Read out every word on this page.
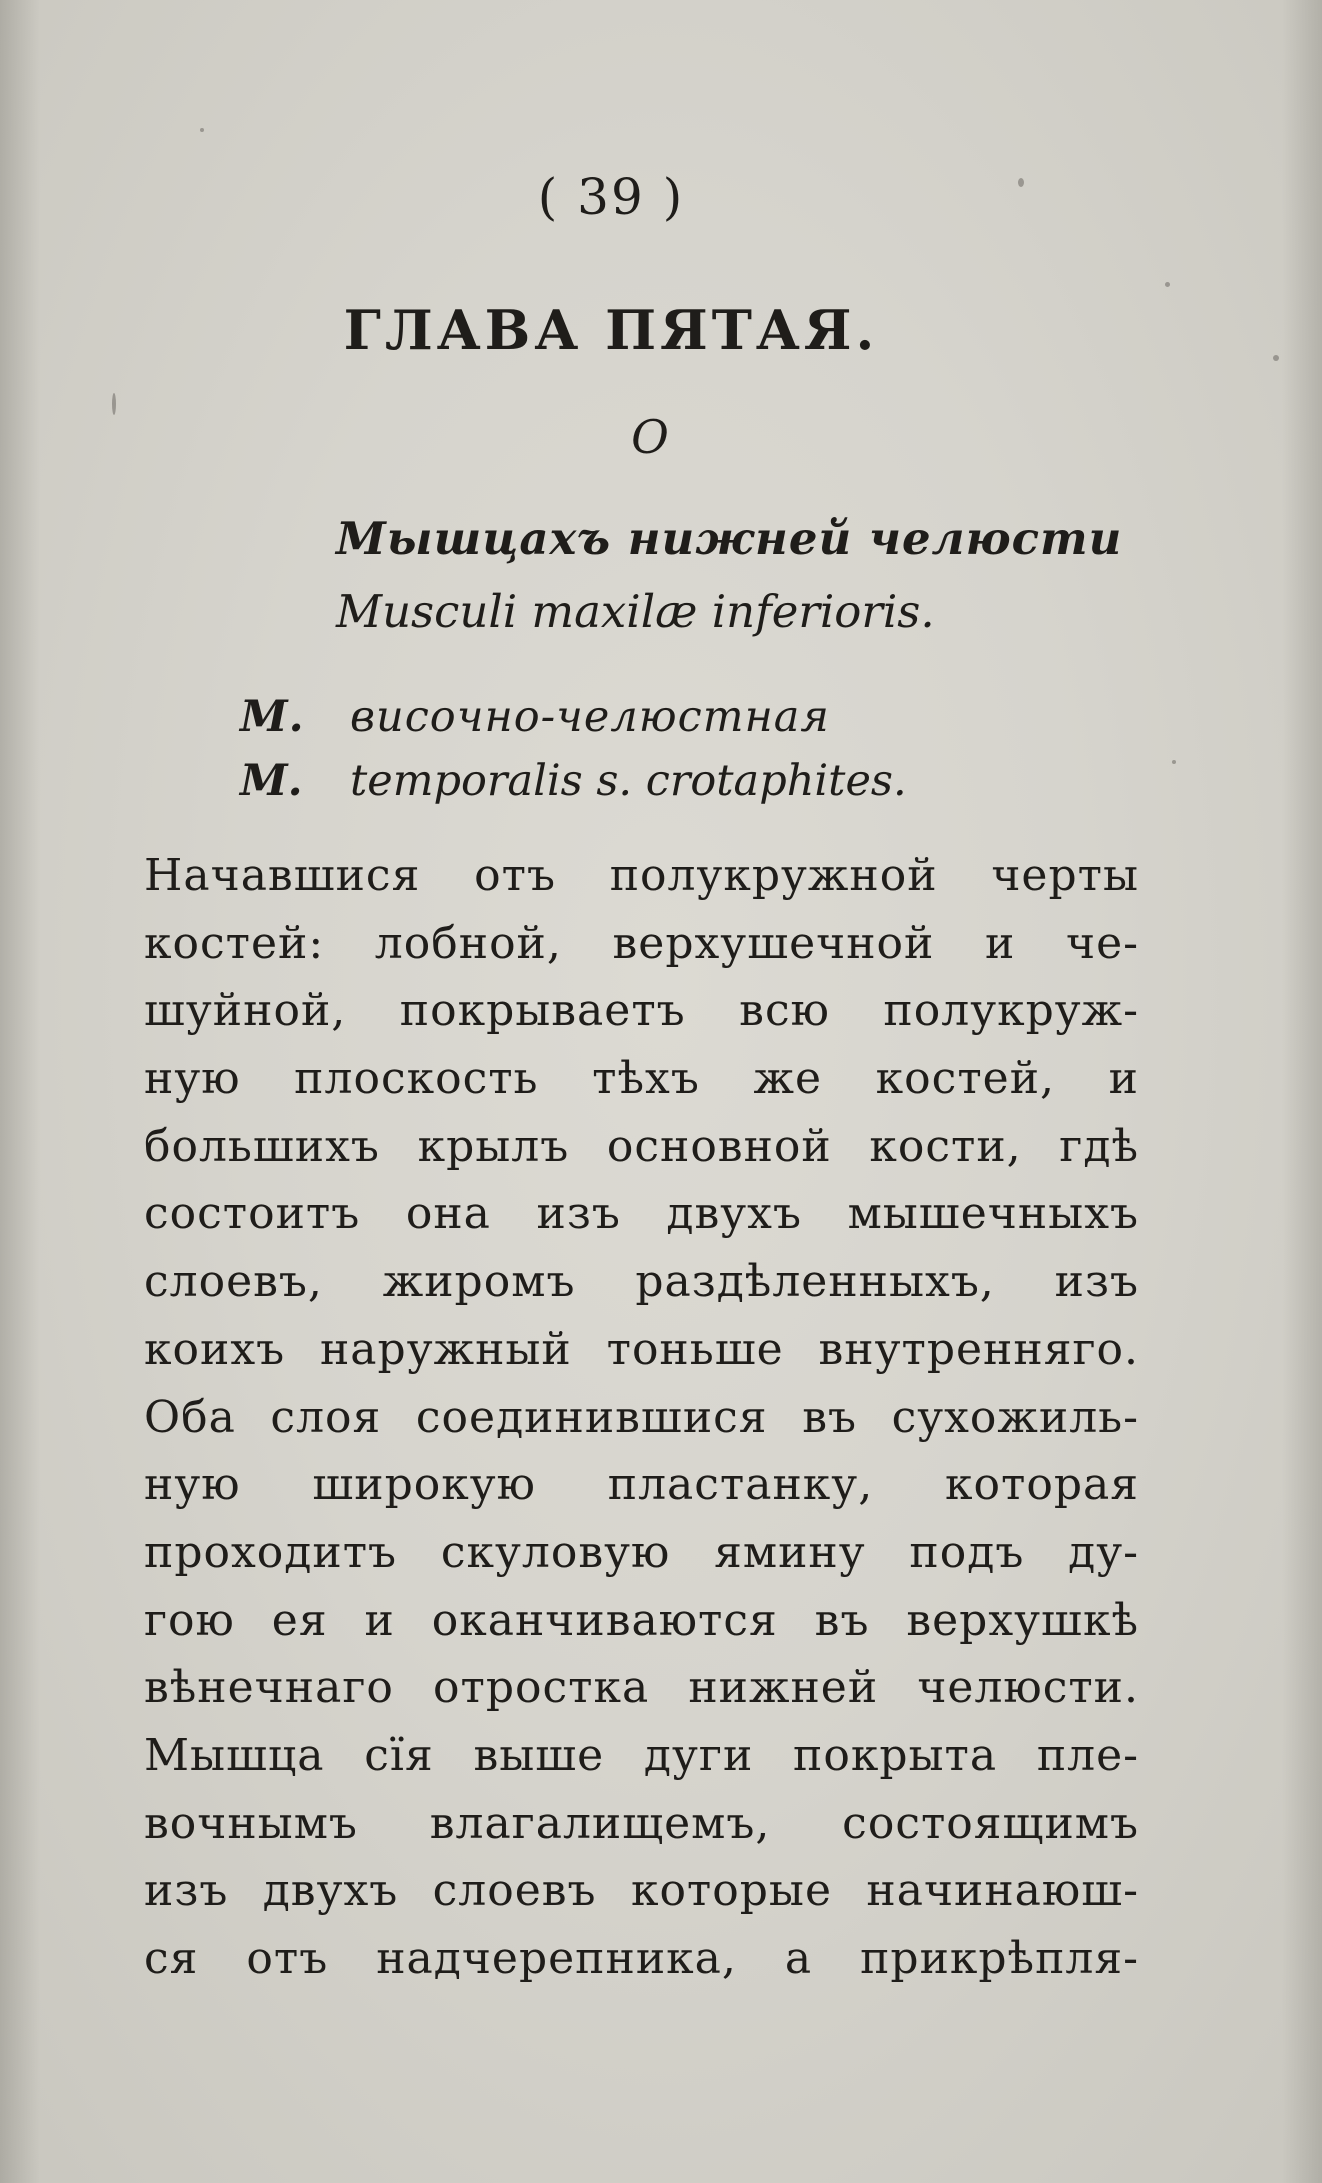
( 39 )
ГЛАВА ПЯТАЯ.
О
Мышцахъ нижней челюсти
Musculi maxilæ inferioris.
М. височно-челюстная
M. temporalis s. crotaphites.
Начавшися отъ полукружной черты
костей: лобной, верхушечной и че-
шуйной, покрываетъ всю полукруж-
ную плоскость тѣхъ же костей, и
большихъ крылъ основной кости, гдѣ
состоитъ она изъ двухъ мышечныхъ
слоевъ, жиромъ раздѣленныхъ, изъ
коихъ наружный тоньше внутренняго.
Оба слоя соединившися въ сухожиль-
ную широкую пластанку, которая
проходитъ скуловую ямину подъ ду-
гою ея и оканчиваются въ верхушкѣ
вѣнечнаго отростка нижней челюсти.
Мышца сїя выше дуги покрыта пле-
вочнымъ влагалищемъ, состоящимъ
изъ двухъ слоевъ которые начинаюш-
ся отъ надчерепника, а прикрѣпля-
